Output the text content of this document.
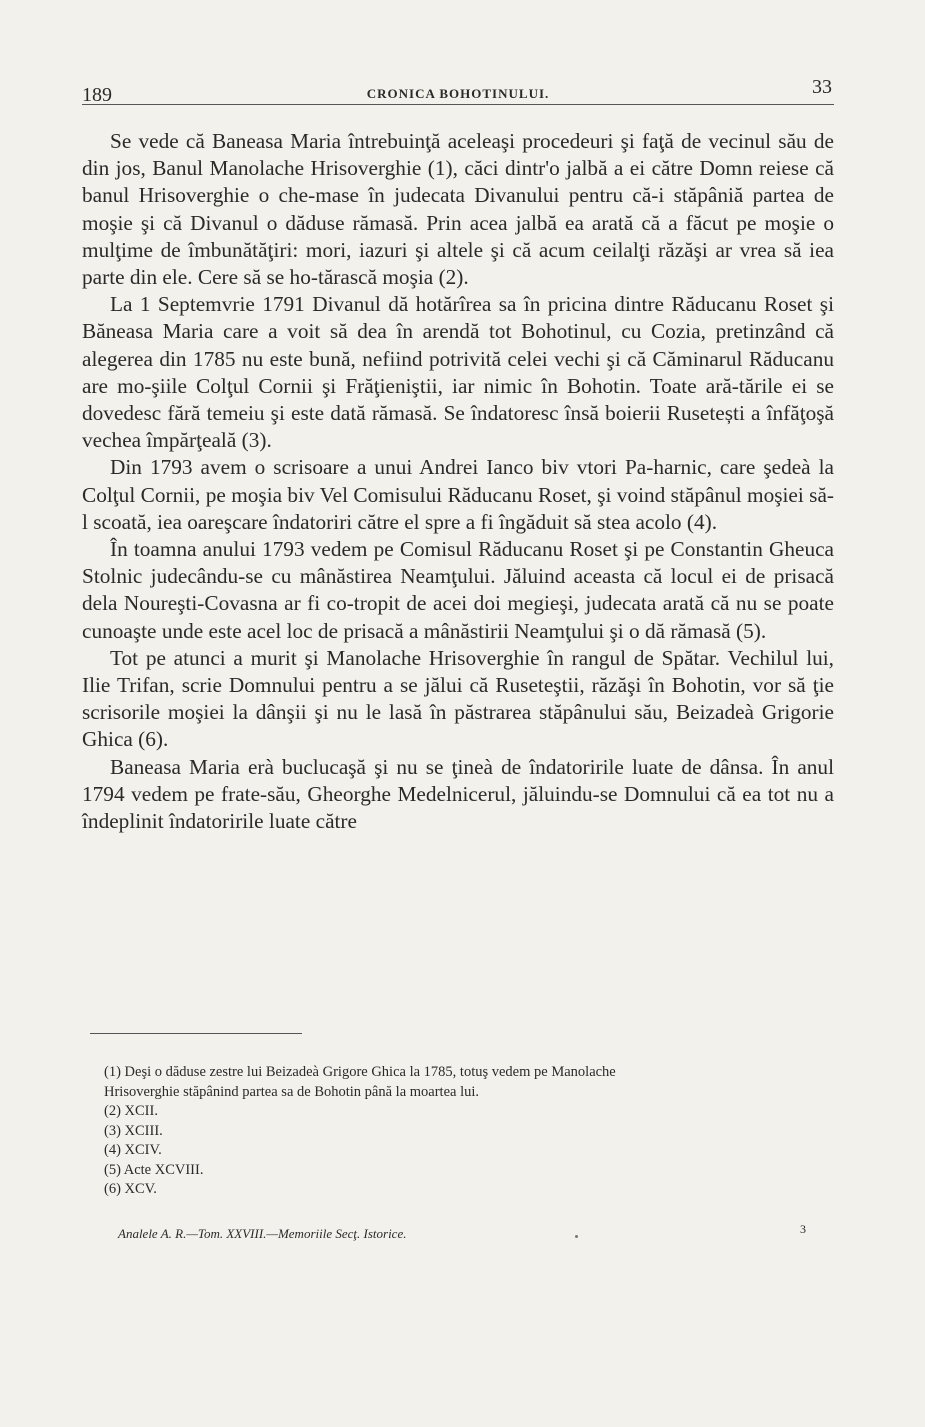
189	CRONICA BOHOTINULUI.	33

Se vede că Baneasa Maria întrebuinţă aceleaşi procedeuri şi faţă de vecinul său de din jos, Banul Manolache Hrisoverghie (1), căci dintr'o jalbă a ei către Domn reiese că banul Hrisoverghie o che-mase în judecata Divanului pentru că-i stăpâniă partea de moşie şi că Divanul o dăduse rămasă. Prin acea jalbă ea arată că a făcut pe moşie o mulţime de îmbunătăţiri: mori, iazuri şi altele şi că acum ceilalţi răzăşi ar vrea să iea parte din ele. Cere să se ho-tărască moşia (2).

La 1 Septemvrie 1791 Divanul dă hotărîrea sa în pricina dintre Răducanu Roset şi Băneasa Maria care a voit să dea în arendă tot Bohotinul, cu Cozia, pretinzând că alegerea din 1785 nu este bună, nefiind potrivită celei vechi şi că Căminarul Răducanu are mo-şiile Colţul Cornii şi Frăţieniştii, iar nimic în Bohotin. Toate ară-tările ei se dovedesc fără temeiu şi este dată rămasă. Se îndatoresc însă boierii Rusetești a înfăţoşă vechea împărţeală (3).

Din 1793 avem o scrisoare a unui Andrei Ianco biv vtori Pa-harnic, care şedeà la Colţul Cornii, pe moşia biv Vel Comisului Răducanu Roset, şi voind stăpânul moşiei să-l scoată, iea oareşcare îndatoriri către el spre a fi îngăduit să stea acolo (4).

În toamna anului 1793 vedem pe Comisul Răducanu Roset şi pe Constantin Gheuca Stolnic judecându-se cu mânăstirea Neamţului. Jăluind aceasta că locul ei de prisacă dela Noureşti-Covasna ar fi co-tropit de acei doi megieşi, judecata arată că nu se poate cunoaşte unde este acel loc de prisacă a mânăstirii Neamţului şi o dă rămasă (5).

Tot pe atunci a murit şi Manolache Hrisoverghie în rangul de Spătar. Vechilul lui, Ilie Trifan, scrie Domnului pentru a se jălui că Ruseteştii, răzăşi în Bohotin, vor să ţie scrisorile moşiei la dânşii şi nu le lasă în păstrarea stăpânului său, Beizadeà Grigorie Ghica (6).

Baneasa Maria erà buclucaşă şi nu se ţineà de îndatoririle luate de dânsa. În anul 1794 vedem pe frate-său, Gheorghe Medelnicerul, jăluindu-se Domnului că ea tot nu a îndeplinit îndatoririle luate către

(1) Deşi o dăduse zestre lui Beizadeà Grigore Ghica la 1785, totuş vedem pe Manolache

Hrisoverghie stăpânind partea sa de Bohotin până la moartea lui.

(2) XCII.

(3) XCIII.

(4) XCIV.

(5) Acte XCVIII.

(6) XCV.

Analele A. R.—Tom. XXVIII.—Memoriile Secţ. Istorice.	3
